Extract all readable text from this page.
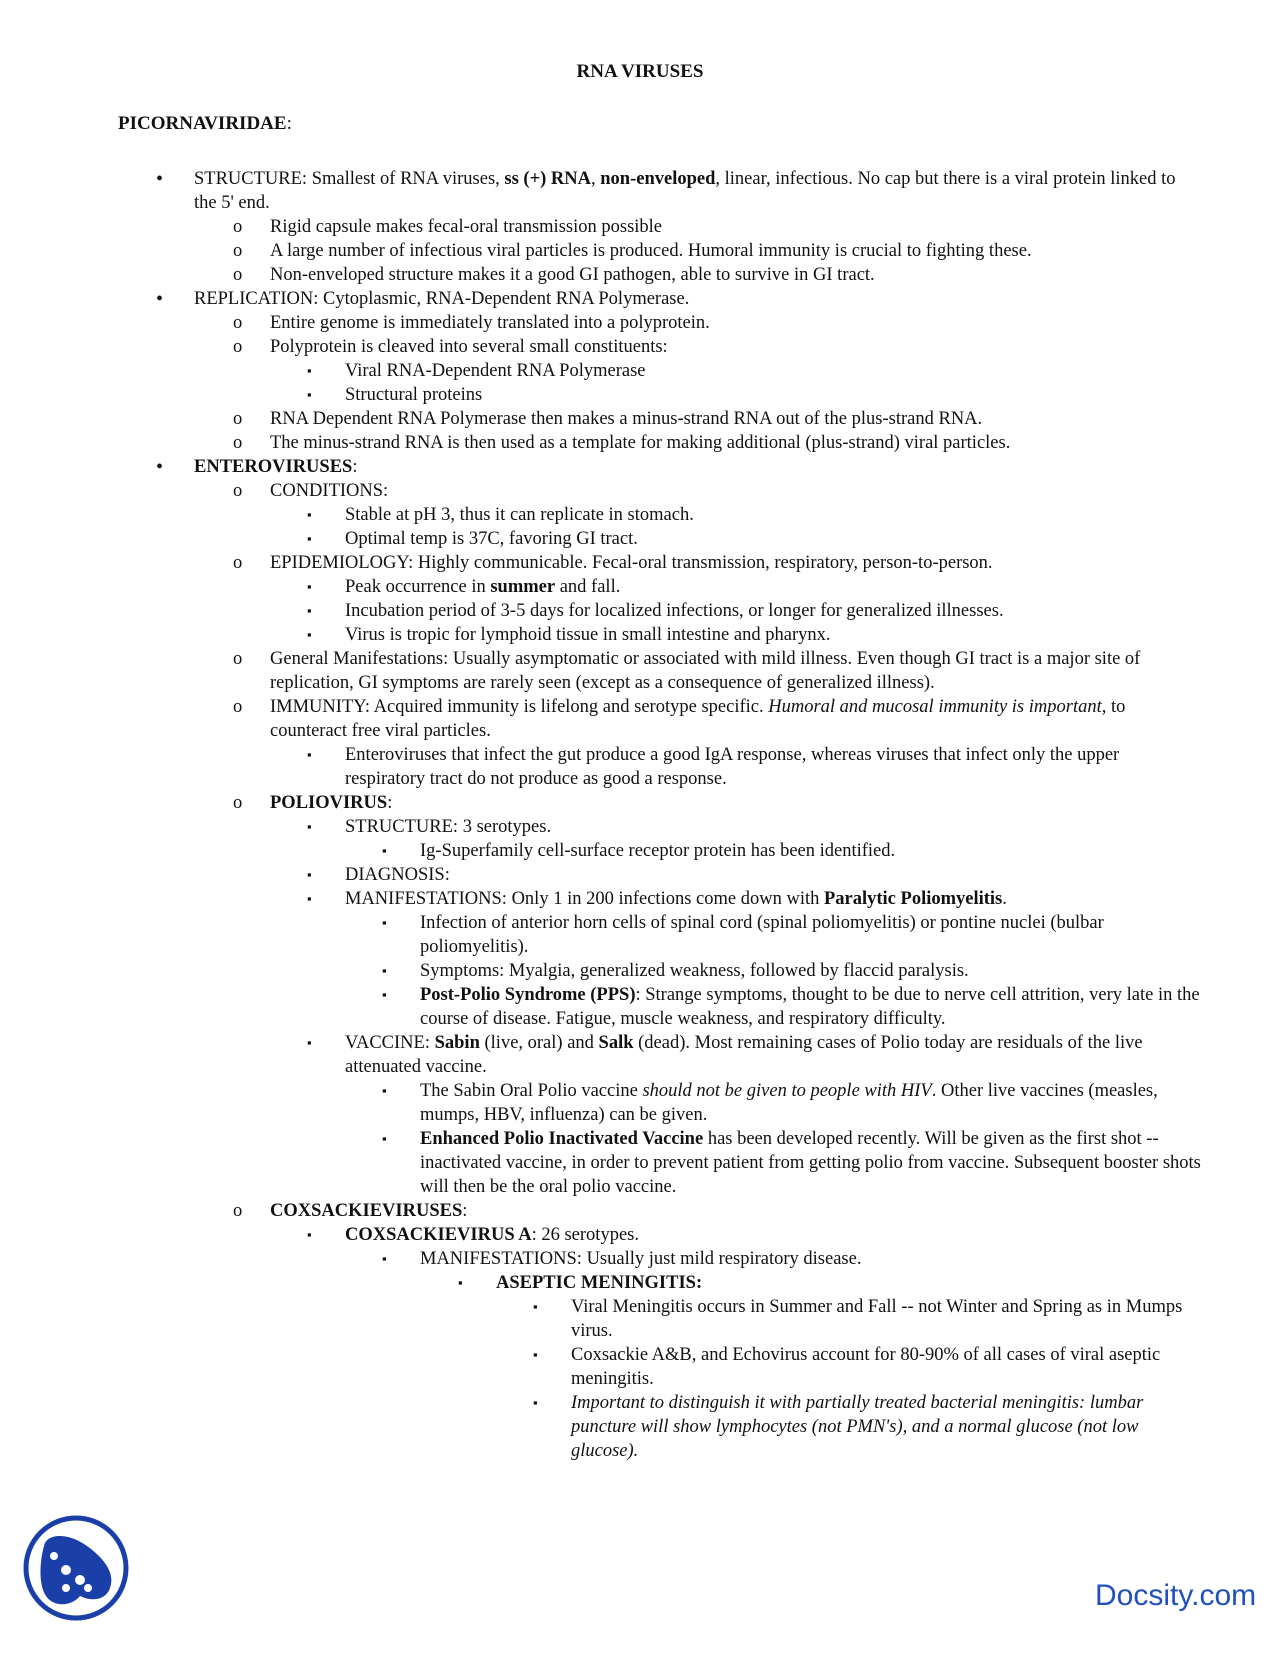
RNA VIRUSES
PICORNAVIRIDAE:
• STRUCTURE: Smallest of RNA viruses, ss (+) RNA, non-enveloped, linear, infectious. No cap but there is a viral protein linked to the 5' end.
o Rigid capsule makes fecal-oral transmission possible
o A large number of infectious viral particles is produced. Humoral immunity is crucial to fighting these.
o Non-enveloped structure makes it a good GI pathogen, able to survive in GI tract.
• REPLICATION: Cytoplasmic, RNA-Dependent RNA Polymerase.
o Entire genome is immediately translated into a polyprotein.
o Polyprotein is cleaved into several small constituents:
▪ Viral RNA-Dependent RNA Polymerase
▪ Structural proteins
o RNA Dependent RNA Polymerase then makes a minus-strand RNA out of the plus-strand RNA.
o The minus-strand RNA is then used as a template for making additional (plus-strand) viral particles.
• ENTEROVIRUSES:
o CONDITIONS:
▪ Stable at pH 3, thus it can replicate in stomach.
▪ Optimal temp is 37C, favoring GI tract.
o EPIDEMIOLOGY: Highly communicable. Fecal-oral transmission, respiratory, person-to-person.
▪ Peak occurrence in summer and fall.
▪ Incubation period of 3-5 days for localized infections, or longer for generalized illnesses.
▪ Virus is tropic for lymphoid tissue in small intestine and pharynx.
o General Manifestations: Usually asymptomatic or associated with mild illness. Even though GI tract is a major site of replication, GI symptoms are rarely seen (except as a consequence of generalized illness).
o IMMUNITY: Acquired immunity is lifelong and serotype specific. Humoral and mucosal immunity is important, to counteract free viral particles.
▪ Enteroviruses that infect the gut produce a good IgA response, whereas viruses that infect only the upper respiratory tract do not produce as good a response.
o POLIOVIRUS:
▪ STRUCTURE: 3 serotypes.
▪ Ig-Superfamily cell-surface receptor protein has been identified.
▪ DIAGNOSIS:
▪ MANIFESTATIONS: Only 1 in 200 infections come down with Paralytic Poliomyelitis.
▪ Infection of anterior horn cells of spinal cord (spinal poliomyelitis) or pontine nuclei (bulbar poliomyelitis).
▪ Symptoms: Myalgia, generalized weakness, followed by flaccid paralysis.
▪ Post-Polio Syndrome (PPS): Strange symptoms, thought to be due to nerve cell attrition, very late in the course of disease. Fatigue, muscle weakness, and respiratory difficulty.
▪ VACCINE: Sabin (live, oral) and Salk (dead). Most remaining cases of Polio today are residuals of the live attenuated vaccine.
▪ The Sabin Oral Polio vaccine should not be given to people with HIV. Other live vaccines (measles, mumps, HBV, influenza) can be given.
▪ Enhanced Polio Inactivated Vaccine has been developed recently. Will be given as the first shot -- inactivated vaccine, in order to prevent patient from getting polio from vaccine. Subsequent booster shots will then be the oral polio vaccine.
o COXSACKIEVIRUSES:
▪ COXSACKIEVIRUS A: 26 serotypes.
▪ MANIFESTATIONS: Usually just mild respiratory disease.
▪ ASEPTIC MENINGITIS:
▪ Viral Meningitis occurs in Summer and Fall -- not Winter and Spring as in Mumps virus.
▪ Coxsackie A&B, and Echovirus account for 80-90% of all cases of viral aseptic meningitis.
▪ Important to distinguish it with partially treated bacterial meningitis: lumbar puncture will show lymphocytes (not PMN's), and a normal glucose (not low glucose).
Docsity.com
